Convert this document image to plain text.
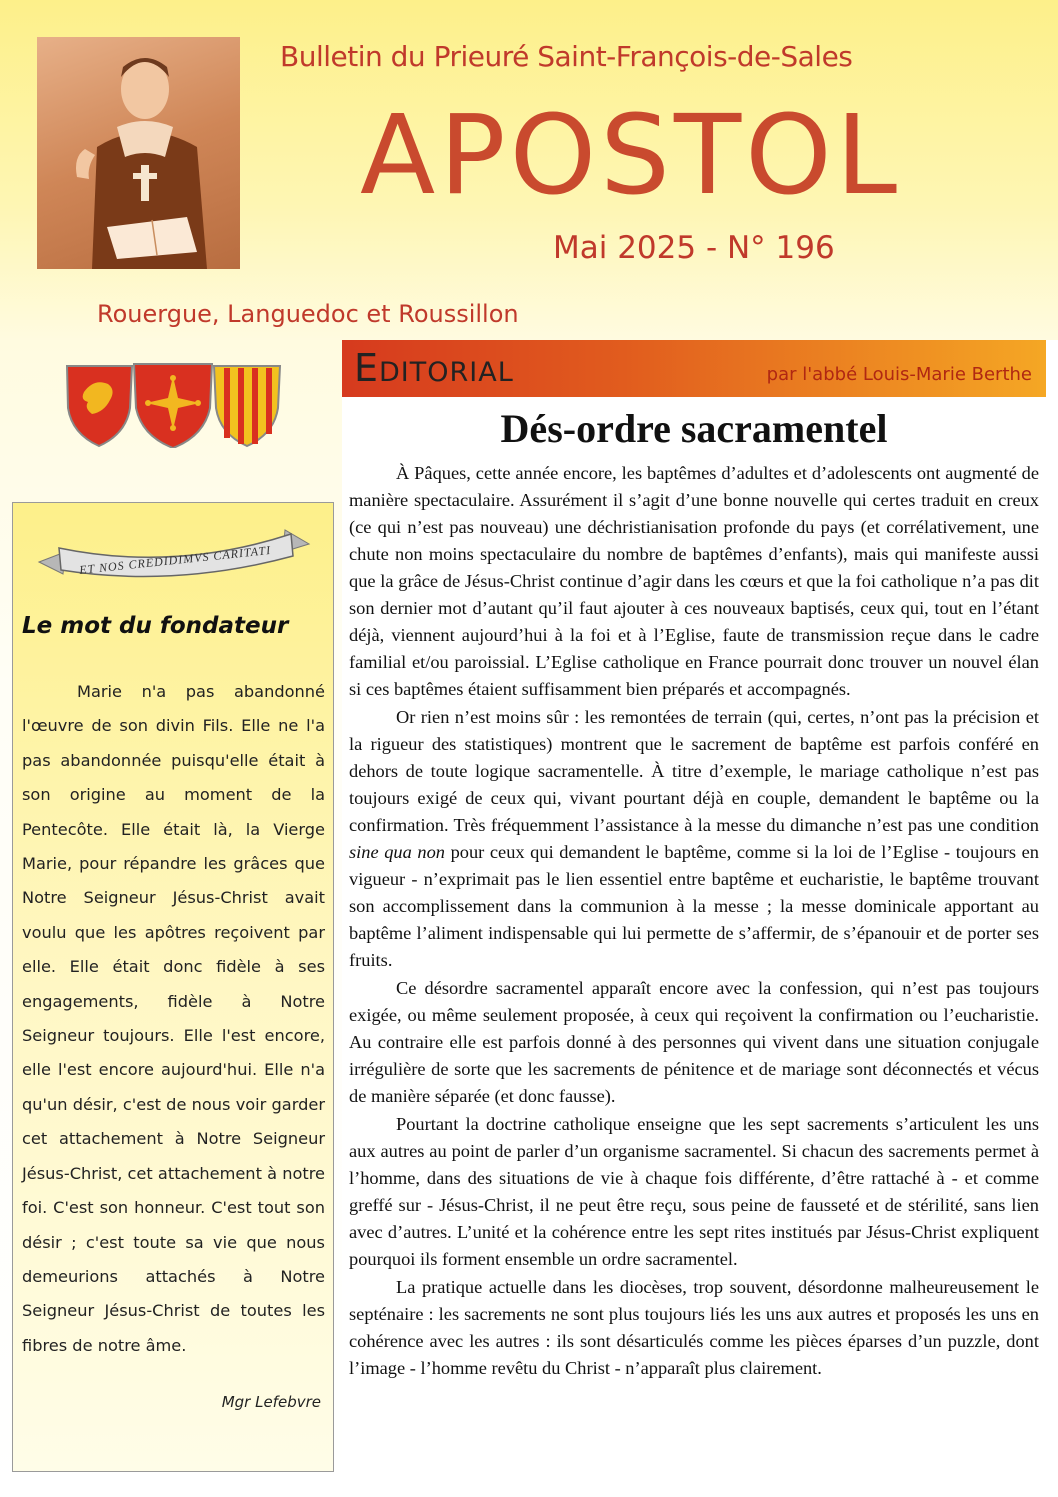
Bulletin du Prieuré Saint-François-de-Sales
APOSTOL
Mai 2025 - N° 196
Rouergue, Languedoc et Roussillon
Editorial	par l'abbé Louis-Marie Berthe
Dés-ordre sacramentel

À Pâques, cette année encore, les baptêmes d’adultes et d’adolescents ont augmenté de manière spectaculaire. Assurément il s’agit d’une bonne nouvelle qui certes traduit en creux (ce qui n’est pas nouveau) une déchristianisation profonde du pays (et corrélativement, une chute non moins spectaculaire du nombre de baptêmes d’enfants), mais qui manifeste aussi que la grâce de Jésus-Christ continue d’agir dans les cœurs et que la foi catholique n’a pas dit son dernier mot d’autant qu’il faut ajouter à ces nouveaux baptisés, ceux qui, tout en l’étant déjà, viennent aujourd’hui à la foi et à l’Eglise, faute de transmission reçue dans le cadre familial et/ou paroissial. L’Eglise catholique en France pourrait donc trouver un nouvel élan si ces baptêmes étaient suffisamment bien préparés et accompagnés.

Or rien n’est moins sûr : les remontées de terrain (qui, certes, n’ont pas la précision et la rigueur des statistiques) montrent que le sacrement de baptême est parfois conféré en dehors de toute logique sacramentelle. À titre d’exemple, le mariage catholique n’est pas toujours exigé de ceux qui, vivant pourtant déjà en couple, demandent le baptême ou la confirmation. Très fréquemment l’assistance à la messe du dimanche n’est pas une condition sine qua non pour ceux qui demandent le baptême, comme si la loi de l’Eglise - toujours en vigueur - n’exprimait pas le lien essentiel entre baptême et eucharistie, le baptême trouvant son accomplissement dans la communion à la messe ; la messe dominicale apportant au baptême l’aliment indispensable qui lui permette de s’affermir, de s’épanouir et de porter ses fruits.

Ce désordre sacramentel apparaît encore avec la confession, qui n’est pas toujours exigée, ou même seulement proposée, à ceux qui reçoivent la confirmation ou l’eucharistie. Au contraire elle est parfois donné à des personnes qui vivent dans une situation conjugale irrégulière de sorte que les sacrements de pénitence et de mariage sont déconnectés et vécus de manière séparée (et donc fausse).

Pourtant la doctrine catholique enseigne que les sept sacrements s’articulent les uns aux autres au point de parler d’un organisme sacramentel. Si chacun des sacrements permet à l’homme, dans des situations de vie à chaque fois différente, d’être rattaché à - et comme greffé sur - Jésus-Christ, il ne peut être reçu, sous peine de fausseté et de stérilité, sans lien avec d’autres. L’unité et la cohérence entre les sept rites institués par Jésus-Christ expliquent pourquoi ils forment ensemble un ordre sacramentel.

La pratique actuelle dans les diocèses, trop souvent, désordonne malheureusement le septénaire : les sacrements ne sont plus toujours liés les uns aux autres et proposés les uns en cohérence avec les autres : ils sont désarticulés comme les pièces éparses d’un puzzle, dont l’image - l’homme revêtu du Christ - n’apparaît plus clairement.

ET NOS CREDIDIMVS CARITATI
Le mot du fondateur
Marie n'a pas abandonné l'œuvre de son divin Fils. Elle ne l'a pas abandonnée puisqu'elle était à son origine au moment de la Pentecôte. Elle était là, la Vierge Marie, pour répandre les grâces que Notre Seigneur Jésus-Christ avait voulu que les apôtres reçoivent par elle. Elle était donc fidèle à ses engagements, fidèle à Notre Seigneur toujours. Elle l'est encore, elle l'est encore aujourd'hui. Elle n'a qu'un désir, c'est de nous voir garder cet attachement à Notre Seigneur Jésus-Christ, cet attachement à notre foi. C'est son honneur. C'est tout son désir ; c'est toute sa vie que nous demeurions attachés à Notre Seigneur Jésus-Christ de toutes les fibres de notre âme.
Mgr Lefebvre
